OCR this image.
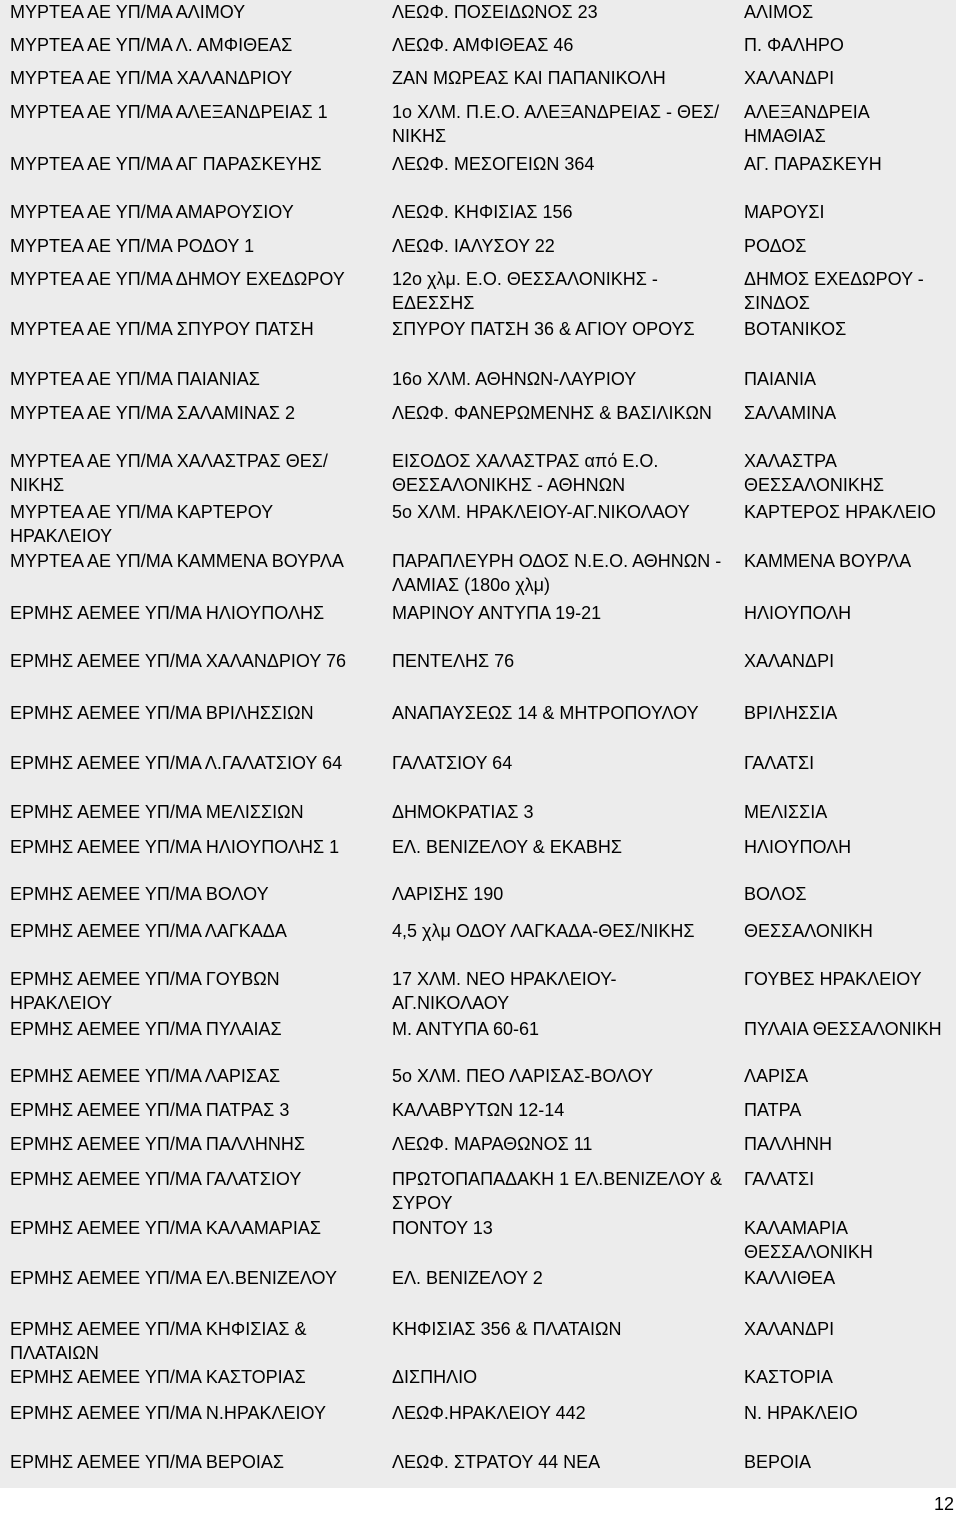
ΜΥΡΤΕΑ ΑΕ ΥΠ/ΜΑ ΑΛΙΜΟΥ	ΛΕΩΦ. ΠΟΣΕΙΔΩΝΟΣ 23	ΑΛΙΜΟΣ
ΜΥΡΤΕΑ ΑΕ ΥΠ/ΜΑ Λ. ΑΜΦΙΘΕΑΣ	ΛΕΩΦ. ΑΜΦΙΘΕΑΣ 46	Π. ΦΑΛΗΡΟ
ΜΥΡΤΕΑ ΑΕ ΥΠ/ΜΑ ΧΑΛΑΝΔΡΙΟΥ	ΖΑΝ ΜΩΡΕΑΣ ΚΑΙ ΠΑΠΑΝΙΚΟΛΗ	ΧΑΛΑΝΔΡΙ
ΜΥΡΤΕΑ ΑΕ ΥΠ/ΜΑ ΑΛΕΞΑΝΔΡΕΙΑΣ 1	1ο ΧΛΜ. Π.Ε.Ο. ΑΛΕΞΑΝΔΡΕΙΑΣ - ΘΕΣ/ΝΙΚΗΣ	ΑΛΕΞΑΝΔΡΕΙΑ ΗΜΑΘΙΑΣ
ΜΥΡΤΕΑ ΑΕ ΥΠ/ΜΑ ΑΓ ΠΑΡΑΣΚΕΥΗΣ	ΛΕΩΦ. ΜΕΣΟΓΕΙΩΝ 364	ΑΓ. ΠΑΡΑΣΚΕΥΗ
ΜΥΡΤΕΑ ΑΕ ΥΠ/ΜΑ ΑΜΑΡΟΥΣΙΟΥ	ΛΕΩΦ. ΚΗΦΙΣΙΑΣ 156	ΜΑΡΟΥΣΙ
ΜΥΡΤΕΑ ΑΕ ΥΠ/ΜΑ ΡΟΔΟΥ 1	ΛΕΩΦ. ΙΑΛΥΣΟΥ 22	ΡΟΔΟΣ
ΜΥΡΤΕΑ ΑΕ ΥΠ/ΜΑ ΔΗΜΟΥ ΕΧΕΔΩΡΟΥ	12ο χλμ. Ε.Ο. ΘΕΣΣΑΛΟΝΙΚΗΣ - ΕΔΕΣΣΗΣ	ΔΗΜΟΣ ΕΧΕΔΩΡΟΥ - ΣΙΝΔΟΣ
ΜΥΡΤΕΑ ΑΕ ΥΠ/ΜΑ ΣΠΥΡΟΥ ΠΑΤΣΗ	ΣΠΥΡΟΥ ΠΑΤΣΗ 36 & ΑΓΙΟΥ ΟΡΟΥΣ	ΒΟΤΑΝΙΚΟΣ
ΜΥΡΤΕΑ ΑΕ ΥΠ/ΜΑ ΠΑΙΑΝΙΑΣ	16ο ΧΛΜ. ΑΘΗΝΩΝ-ΛΑΥΡΙΟΥ	ΠΑΙΑΝΙΑ
ΜΥΡΤΕΑ ΑΕ ΥΠ/ΜΑ ΣΑΛΑΜΙΝΑΣ 2	ΛΕΩΦ. ΦΑΝΕΡΩΜΕΝΗΣ & ΒΑΣΙΛΙΚΩΝ	ΣΑΛΑΜΙΝΑ
ΜΥΡΤΕΑ ΑΕ ΥΠ/ΜΑ ΧΑΛΑΣΤΡΑΣ ΘΕΣ/ΝΙΚΗΣ	ΕΙΣΟΔΟΣ ΧΑΛΑΣΤΡΑΣ από Ε.Ο. ΘΕΣΣΑΛΟΝΙΚΗΣ - ΑΘΗΝΩΝ	ΧΑΛΑΣΤΡΑ ΘΕΣΣΑΛΟΝΙΚΗΣ
ΜΥΡΤΕΑ ΑΕ ΥΠ/ΜΑ ΚΑΡΤΕΡΟΥ ΗΡΑΚΛΕΙΟΥ	5ο ΧΛΜ. ΗΡΑΚΛΕΙΟΥ-ΑΓ.ΝΙΚΟΛΑΟΥ	ΚΑΡΤΕΡΟΣ ΗΡΑΚΛΕΙΟ
ΜΥΡΤΕΑ ΑΕ ΥΠ/ΜΑ ΚΑΜΜΕΝΑ ΒΟΥΡΛΑ	ΠΑΡΑΠΛΕΥΡΗ ΟΔΟΣ Ν.Ε.Ο. ΑΘΗΝΩΝ - ΛΑΜΙΑΣ (180ο χλμ)	ΚΑΜΜΕΝΑ ΒΟΥΡΛΑ
ΕΡΜΗΣ ΑΕΜΕΕ ΥΠ/ΜΑ ΗΛΙΟΥΠΟΛΗΣ	ΜΑΡΙΝΟΥ ΑΝΤΥΠΑ 19-21	ΗΛΙΟΥΠΟΛΗ
ΕΡΜΗΣ ΑΕΜΕΕ ΥΠ/ΜΑ ΧΑΛΑΝΔΡΙΟΥ 76	ΠΕΝΤΕΛΗΣ 76	ΧΑΛΑΝΔΡΙ
ΕΡΜΗΣ ΑΕΜΕΕ ΥΠ/ΜΑ ΒΡΙΛΗΣΣΙΩΝ	ΑΝΑΠΑΥΣΕΩΣ 14 & ΜΗΤΡΟΠΟΥΛΟΥ	ΒΡΙΛΗΣΣΙΑ
ΕΡΜΗΣ ΑΕΜΕΕ ΥΠ/ΜΑ Λ.ΓΑΛΑΤΣΙΟΥ 64	ΓΑΛΑΤΣΙΟΥ 64	ΓΑΛΑΤΣΙ
ΕΡΜΗΣ ΑΕΜΕΕ ΥΠ/ΜΑ ΜΕΛΙΣΣΙΩΝ	ΔΗΜΟΚΡΑΤΙΑΣ 3	ΜΕΛΙΣΣΙΑ
ΕΡΜΗΣ ΑΕΜΕΕ ΥΠ/ΜΑ ΗΛΙΟΥΠΟΛΗΣ 1	ΕΛ. ΒΕΝΙΖΕΛΟΥ & ΕΚΑΒΗΣ	ΗΛΙΟΥΠΟΛΗ
ΕΡΜΗΣ ΑΕΜΕΕ ΥΠ/ΜΑ ΒΟΛΟΥ	ΛΑΡΙΣΗΣ 190	ΒΟΛΟΣ
ΕΡΜΗΣ ΑΕΜΕΕ ΥΠ/ΜΑ ΛΑΓΚΑΔΑ	4,5 χλμ ΟΔΟΥ ΛΑΓΚΑΔΑ-ΘΕΣ/ΝΙΚΗΣ	ΘΕΣΣΑΛΟΝΙΚΗ
ΕΡΜΗΣ ΑΕΜΕΕ ΥΠ/ΜΑ ΓΟΥΒΩΝ ΗΡΑΚΛΕΙΟΥ	17 ΧΛΜ. ΝΕΟ ΗΡΑΚΛΕΙΟΥ-ΑΓ.ΝΙΚΟΛΑΟΥ	ΓΟΥΒΕΣ ΗΡΑΚΛΕΙΟΥ
ΕΡΜΗΣ ΑΕΜΕΕ ΥΠ/ΜΑ ΠΥΛΑΙΑΣ	Μ. ΑΝΤΥΠΑ 60-61	ΠΥΛΑΙΑ ΘΕΣΣΑΛΟΝΙΚΗ
ΕΡΜΗΣ ΑΕΜΕΕ ΥΠ/ΜΑ ΛΑΡΙΣΑΣ	5ο ΧΛΜ. ΠΕΟ ΛΑΡΙΣΑΣ-ΒΟΛΟΥ	ΛΑΡΙΣΑ
ΕΡΜΗΣ ΑΕΜΕΕ ΥΠ/ΜΑ ΠΑΤΡΑΣ 3	ΚΑΛΑΒΡΥΤΩΝ 12-14	ΠΑΤΡΑ
ΕΡΜΗΣ ΑΕΜΕΕ ΥΠ/ΜΑ ΠΑΛΛΗΝΗΣ	ΛΕΩΦ. ΜΑΡΑΘΩΝΟΣ 11	ΠΑΛΛΗΝΗ
ΕΡΜΗΣ ΑΕΜΕΕ ΥΠ/ΜΑ ΓΑΛΑΤΣΙΟΥ	ΠΡΩΤΟΠΑΠΑΔΑΚΗ 1 ΕΛ.ΒΕΝΙΖΕΛΟΥ & ΣΥΡΟΥ	ΓΑΛΑΤΣΙ
ΕΡΜΗΣ ΑΕΜΕΕ ΥΠ/ΜΑ ΚΑΛΑΜΑΡΙΑΣ	ΠΟΝΤΟΥ 13	ΚΑΛΑΜΑΡΙΑ ΘΕΣΣΑΛΟΝΙΚΗ
ΕΡΜΗΣ ΑΕΜΕΕ ΥΠ/ΜΑ ΕΛ.ΒΕΝΙΖΕΛΟΥ	ΕΛ. ΒΕΝΙΖΕΛΟΥ 2	ΚΑΛΛΙΘΕΑ
ΕΡΜΗΣ ΑΕΜΕΕ ΥΠ/ΜΑ ΚΗΦΙΣΙΑΣ & ΠΛΑΤΑΙΩΝ	ΚΗΦΙΣΙΑΣ 356 & ΠΛΑΤΑΙΩΝ	ΧΑΛΑΝΔΡΙ
ΕΡΜΗΣ ΑΕΜΕΕ ΥΠ/ΜΑ ΚΑΣΤΟΡΙΑΣ	ΔΙΣΠΗΛΙΟ	ΚΑΣΤΟΡΙΑ
ΕΡΜΗΣ ΑΕΜΕΕ ΥΠ/ΜΑ Ν.ΗΡΑΚΛΕΙΟΥ	ΛΕΩΦ.ΗΡΑΚΛΕΙΟΥ 442	Ν. ΗΡΑΚΛΕΙΟ
ΕΡΜΗΣ ΑΕΜΕΕ ΥΠ/ΜΑ ΒΕΡΟΙΑΣ	ΛΕΩΦ. ΣΤΡΑΤΟΥ 44 ΝΕΑ	ΒΕΡΟΙΑ
12
